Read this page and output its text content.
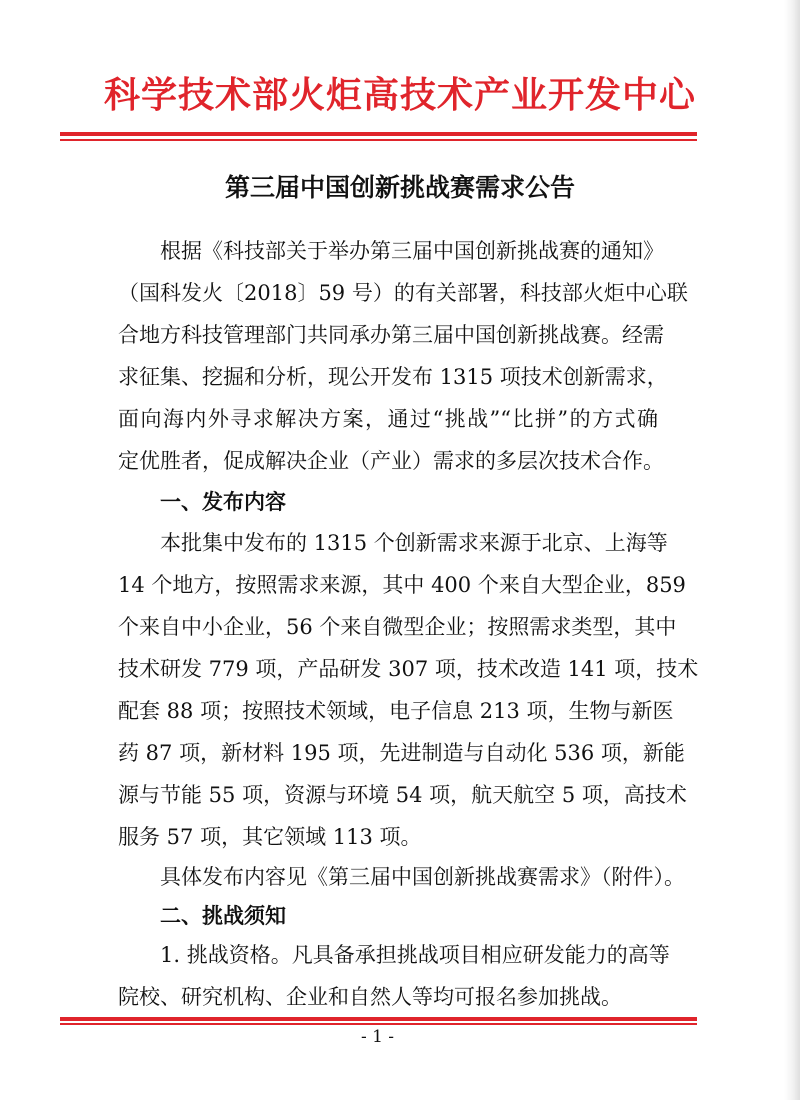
科学技术部火炬高技术产业开发中心
第三届中国创新挑战赛需求公告
根据《科技部关于举办第三届中国创新挑战赛的通知》
（国科发火〔2018〕59 号）的有关部署，科技部火炬中心联
合地方科技管理部门共同承办第三届中国创新挑战赛。经需
求征集、挖掘和分析，现公开发布 1315 项技术创新需求，
面向海内外寻求解决方案，通过“挑战”“比拼”的方式确
定优胜者，促成解决企业（产业）需求的多层次技术合作。
一、发布内容
本批集中发布的 1315 个创新需求来源于北京、上海等
14 个地方，按照需求来源，其中 400 个来自大型企业，859
个来自中小企业，56 个来自微型企业；按照需求类型，其中
技术研发 779 项，产品研发 307 项，技术改造 141 项，技术
配套 88 项；按照技术领域，电子信息 213 项，生物与新医
药 87 项，新材料 195 项，先进制造与自动化 536 项，新能
源与节能 55 项，资源与环境 54 项，航天航空 5 项，高技术
服务 57 项，其它领域 113 项。
具体发布内容见《第三届中国创新挑战赛需求》（附件）。
二、挑战须知
1. 挑战资格。凡具备承担挑战项目相应研发能力的高等
院校、研究机构、企业和自然人等均可报名参加挑战。
- 1 -
